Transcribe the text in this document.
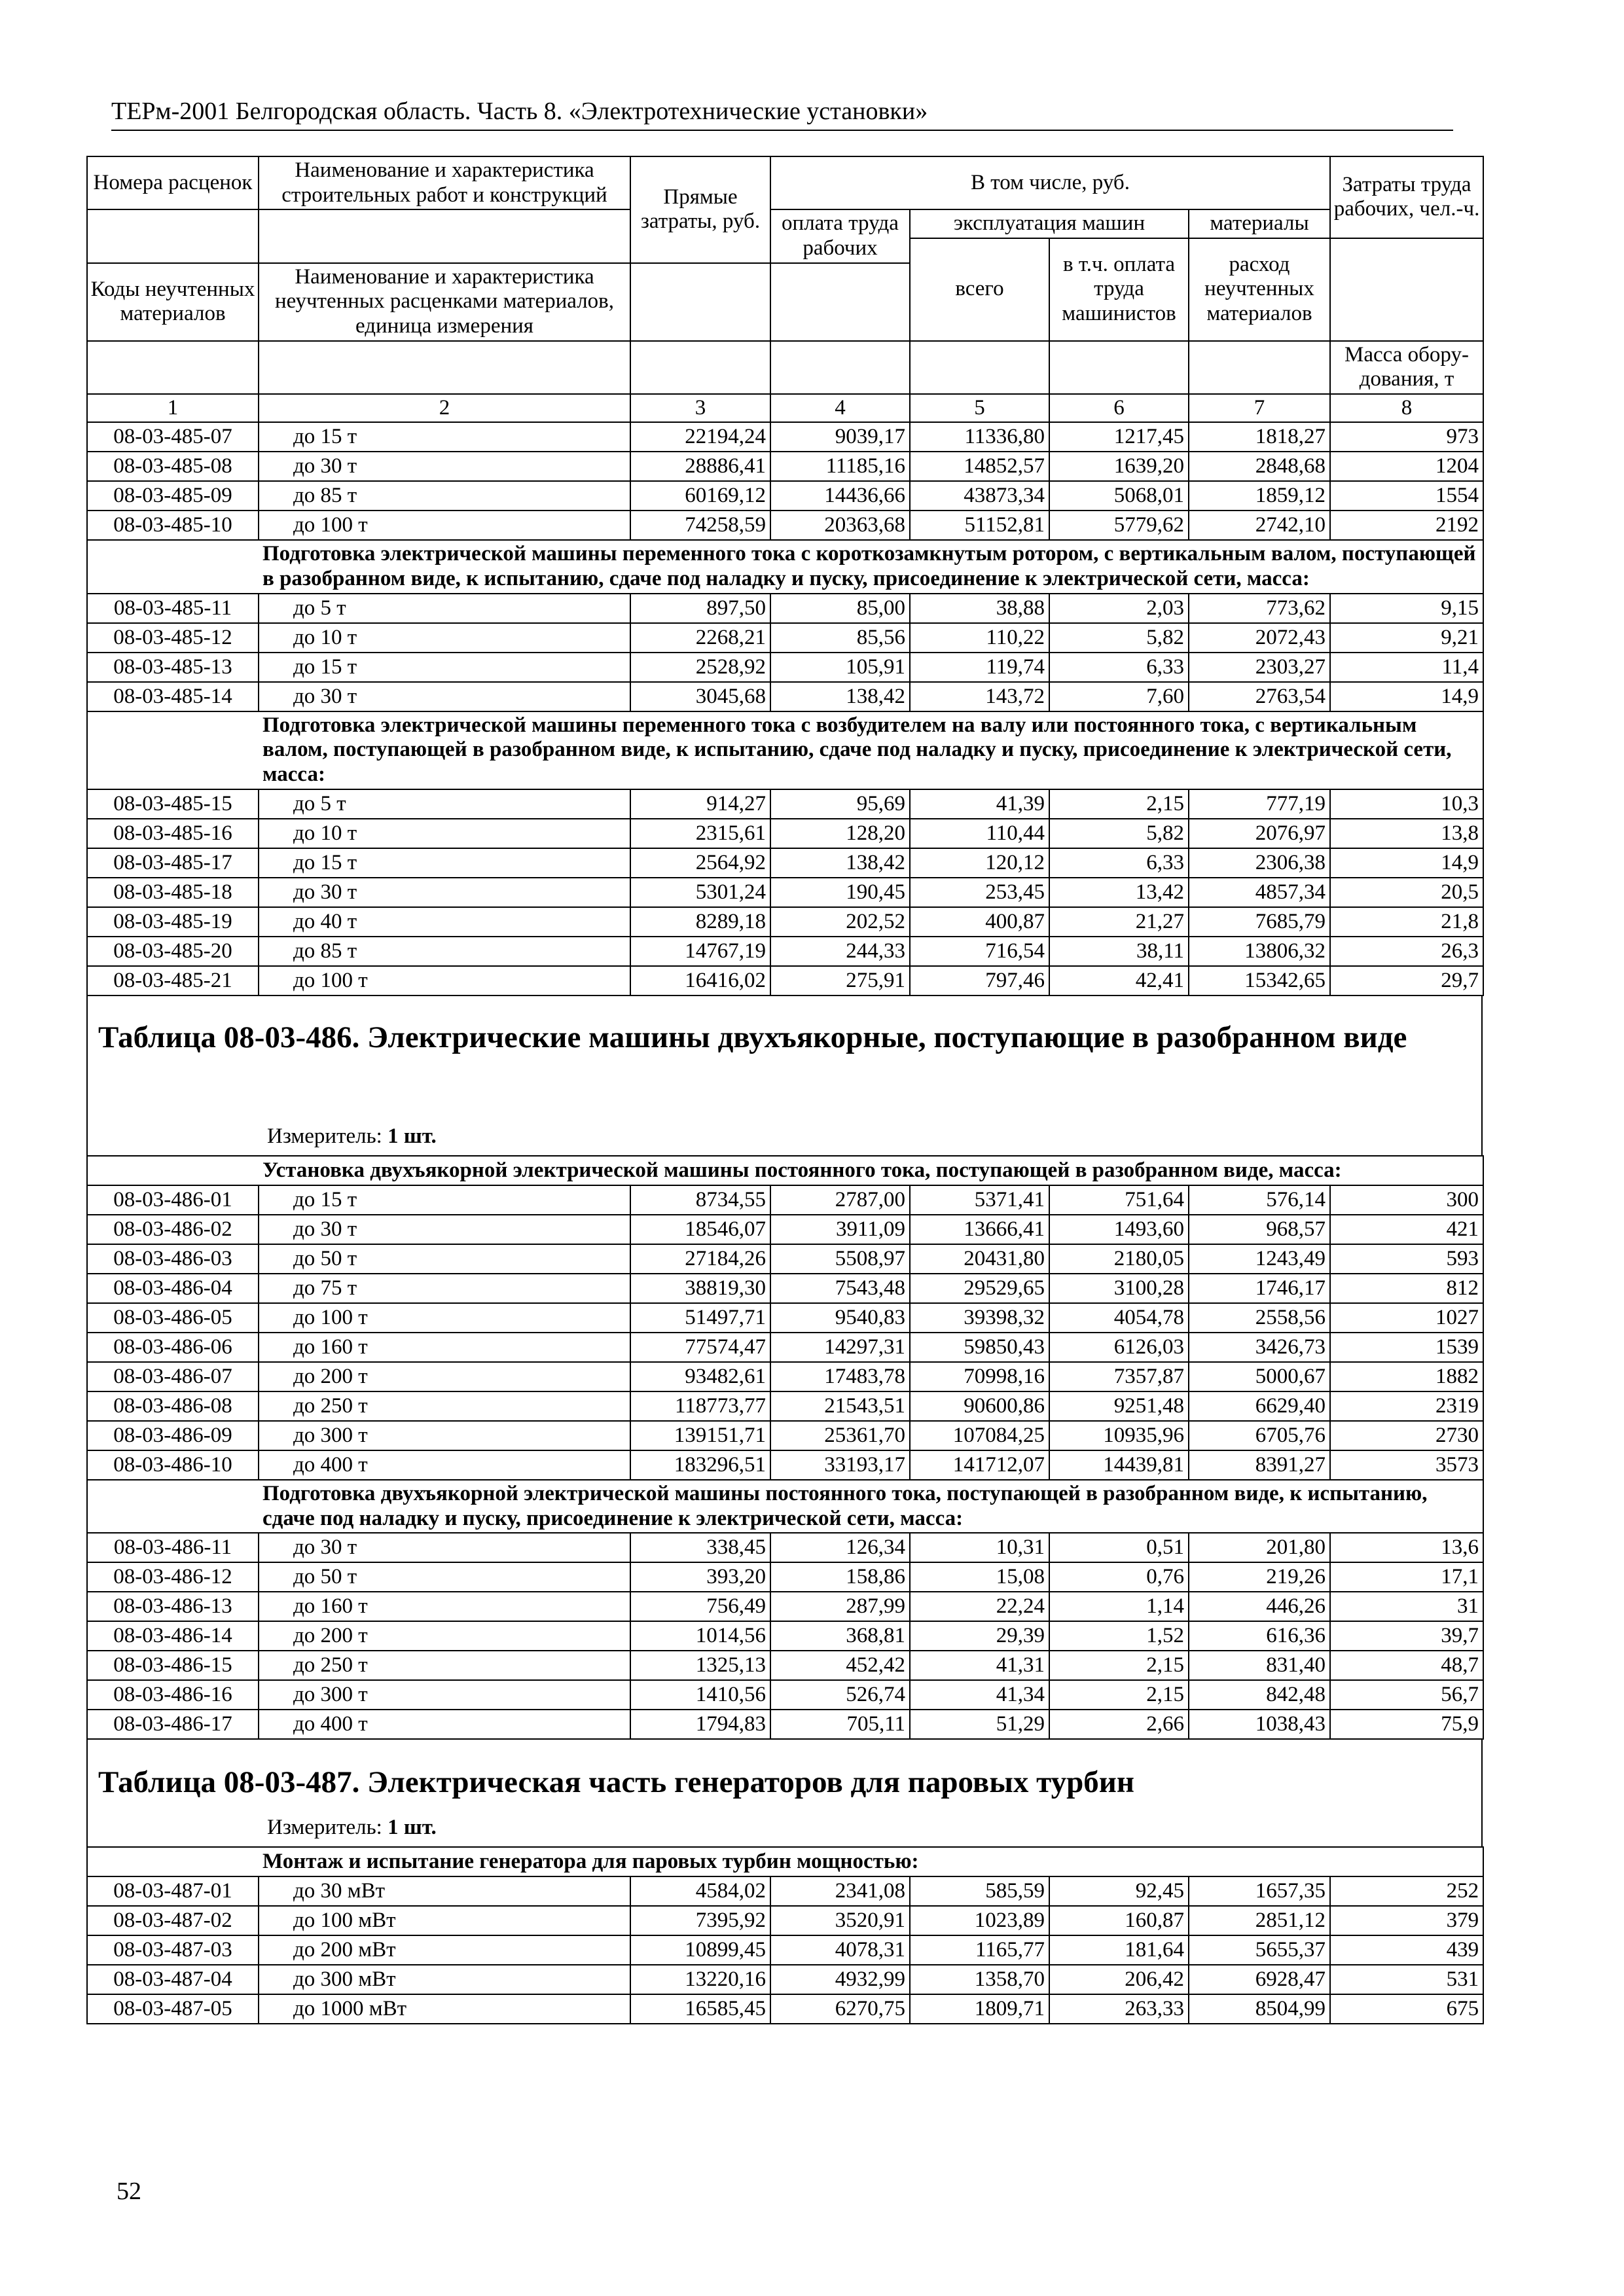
ТЕРм-2001 Белгородская область. Часть 8. «Электротехнические установки»
Номера расценок	Наименование и характеристика строительных работ и конструкций	Прямые затраты, руб.	В том числе, руб.				Затраты труда рабочих, чел.-ч.
			оплата труда рабочих	эксплуатация машин		материалы	
				всего	в т.ч. оплата труда машинистов	расход неучтенных материалов	
Коды неучтенных материалов	Наименование и характеристика неучтенных расценками материалов, единица измерения						

							Масса обору-дования, т
1	2	3	4	5	6	7	8
08-03-485-07	до 15 т	22194,24	9039,17	11336,80	1217,45	1818,27	973
08-03-485-08	до 30 т	28886,41	11185,16	14852,57	1639,20	2848,68	1204
08-03-485-09	до 85 т	60169,12	14436,66	43873,34	5068,01	1859,12	1554
08-03-485-10	до 100 т	74258,59	20363,68	51152,81	5779,62	2742,10	2192
	Подготовка электрической машины переменного тока с короткозамкнутым ротором, с вертикальным валом, поступающей в разобранном виде, к испытанию, сдаче под наладку и пуску, присоединение к электрической сети, масса:						
08-03-485-11	до 5 т	897,50	85,00	38,88	2,03	773,62	9,15
08-03-485-12	до 10 т	2268,21	85,56	110,22	5,82	2072,43	9,21
08-03-485-13	до 15 т	2528,92	105,91	119,74	6,33	2303,27	11,4
08-03-485-14	до 30 т	3045,68	138,42	143,72	7,60	2763,54	14,9
	Подготовка электрической машины переменного тока с возбудителем на валу или постоянного тока, с вертикальным валом, поступающей в разобранном виде, к испытанию, сдаче под наладку и пуску, присоединение к электрической сети, масса:						
08-03-485-15	до 5 т	914,27	95,69	41,39	2,15	777,19	10,3
08-03-485-16	до 10 т	2315,61	128,20	110,44	5,82	2076,97	13,8
08-03-485-17	до 15 т	2564,92	138,42	120,12	6,33	2306,38	14,9
08-03-485-18	до 30 т	5301,24	190,45	253,45	13,42	4857,34	20,5
08-03-485-19	до 40 т	8289,18	202,52	400,87	21,27	7685,79	21,8
08-03-485-20	до 85 т	14767,19	244,33	716,54	38,11	13806,32	26,3
08-03-485-21	до 100 т	16416,02	275,91	797,46	42,41	15342,65	29,7
Таблица 08-03-486. Электрические машины двухъякорные, поступающие в разобранном виде
Измеритель: 1 шт.
	Установка двухъякорной электрической машины постоянного тока, поступающей в разобранном виде, масса:						
08-03-486-01	до 15 т	8734,55	2787,00	5371,41	751,64	576,14	300
08-03-486-02	до 30 т	18546,07	3911,09	13666,41	1493,60	968,57	421
08-03-486-03	до 50 т	27184,26	5508,97	20431,80	2180,05	1243,49	593
08-03-486-04	до 75 т	38819,30	7543,48	29529,65	3100,28	1746,17	812
08-03-486-05	до 100 т	51497,71	9540,83	39398,32	4054,78	2558,56	1027
08-03-486-06	до 160 т	77574,47	14297,31	59850,43	6126,03	3426,73	1539
08-03-486-07	до 200 т	93482,61	17483,78	70998,16	7357,87	5000,67	1882
08-03-486-08	до 250 т	118773,77	21543,51	90600,86	9251,48	6629,40	2319
08-03-486-09	до 300 т	139151,71	25361,70	107084,25	10935,96	6705,76	2730
08-03-486-10	до 400 т	183296,51	33193,17	141712,07	14439,81	8391,27	3573
	Подготовка двухъякорной электрической машины постоянного тока, поступающей в разобранном виде, к испытанию, сдаче под наладку и пуску, присоединение к электрической сети, масса:						
08-03-486-11	до 30 т	338,45	126,34	10,31	0,51	201,80	13,6
08-03-486-12	до 50 т	393,20	158,86	15,08	0,76	219,26	17,1
08-03-486-13	до 160 т	756,49	287,99	22,24	1,14	446,26	31
08-03-486-14	до 200 т	1014,56	368,81	29,39	1,52	616,36	39,7
08-03-486-15	до 250 т	1325,13	452,42	41,31	2,15	831,40	48,7
08-03-486-16	до 300 т	1410,56	526,74	41,34	2,15	842,48	56,7
08-03-486-17	до 400 т	1794,83	705,11	51,29	2,66	1038,43	75,9
Таблица 08-03-487. Электрическая часть генераторов для паровых турбин
Измеритель: 1 шт.
	Монтаж и испытание генератора для паровых турбин мощностью:						
08-03-487-01	до 30 мВт	4584,02	2341,08	585,59	92,45	1657,35	252
08-03-487-02	до 100 мВт	7395,92	3520,91	1023,89	160,87	2851,12	379
08-03-487-03	до 200 мВт	10899,45	4078,31	1165,77	181,64	5655,37	439
08-03-487-04	до 300 мВт	13220,16	4932,99	1358,70	206,42	6928,47	531
08-03-487-05	до 1000 мВт	16585,45	6270,75	1809,71	263,33	8504,99	675
52
